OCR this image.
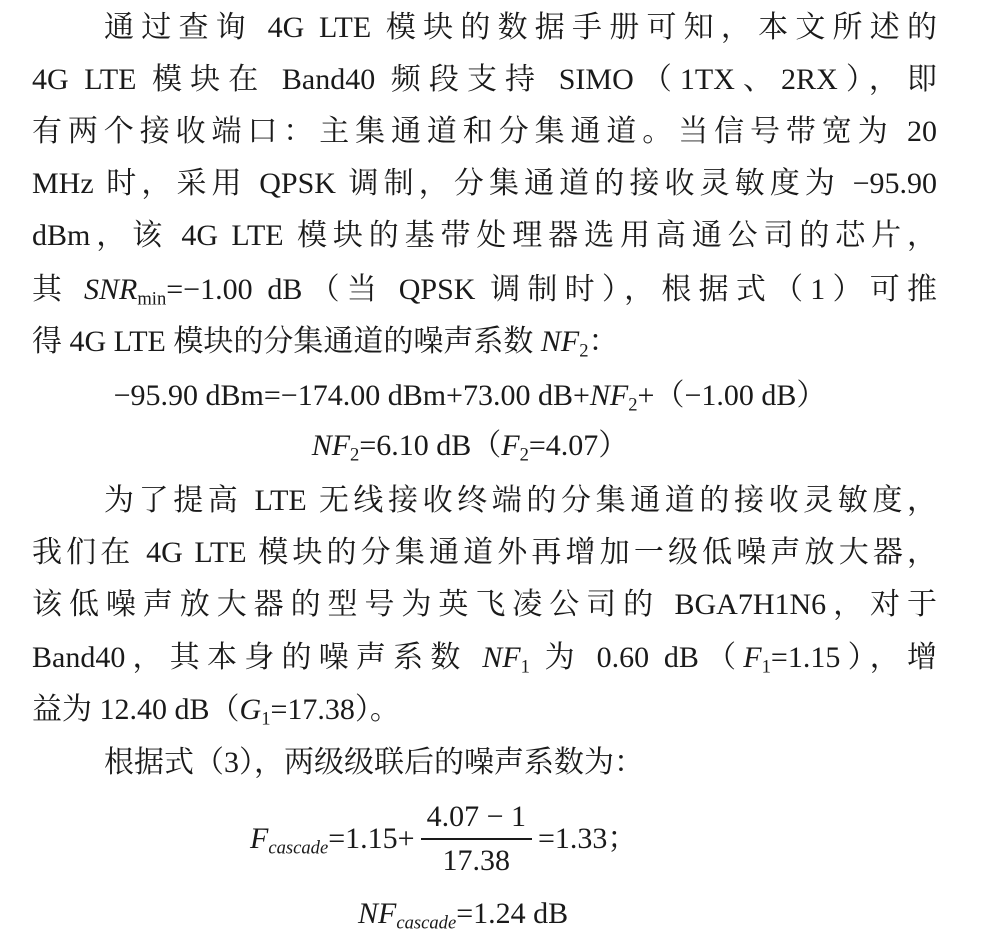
通过查询 4G LTE 模块的数据手册可知，本文所述的
4G LTE 模块在 Band40 频段支持 SIMO（1TX、2RX），即
有两个接收端口：主集通道和分集通道。当信号带宽为 20
MHz 时，采用 QPSK 调制，分集通道的接收灵敏度为 −95.90
dBm，该 4G LTE 模块的基带处理器选用高通公司的芯片，
其 $SNR_{min}=-1.00$ dB（当 QPSK 调制时），根据式（1）可推
得 4G LTE 模块的分集通道的噪声系数 $NF_2$：
−95.90 dBm=−174.00 dBm+73.00 $dB+NF_2+(-1.00$ dB）
$NF_2=6.10$ $dB(F_2=4.07)$
为了提高 LTE 无线接收终端的分集通道的接收灵敏度，
我们在 4G LTE 模块的分集通道外再增加一级低噪声放大器，
该低噪声放大器的型号为英飞凌公司的 BGA7H1N6，对于
Band40，其本身的噪声系数 $NF_1$ 为 0.60 $dB(F_1=1.15)$，增
益为 12.40 $dB(G_1=17.38)$。
根据式（3），两级级联后的噪声系数为：
$F_{cascade}=1.15+ \frac{4.07 - 1}{17.38} =1.33$；
$NF_{cascade}=1.24$ dB
